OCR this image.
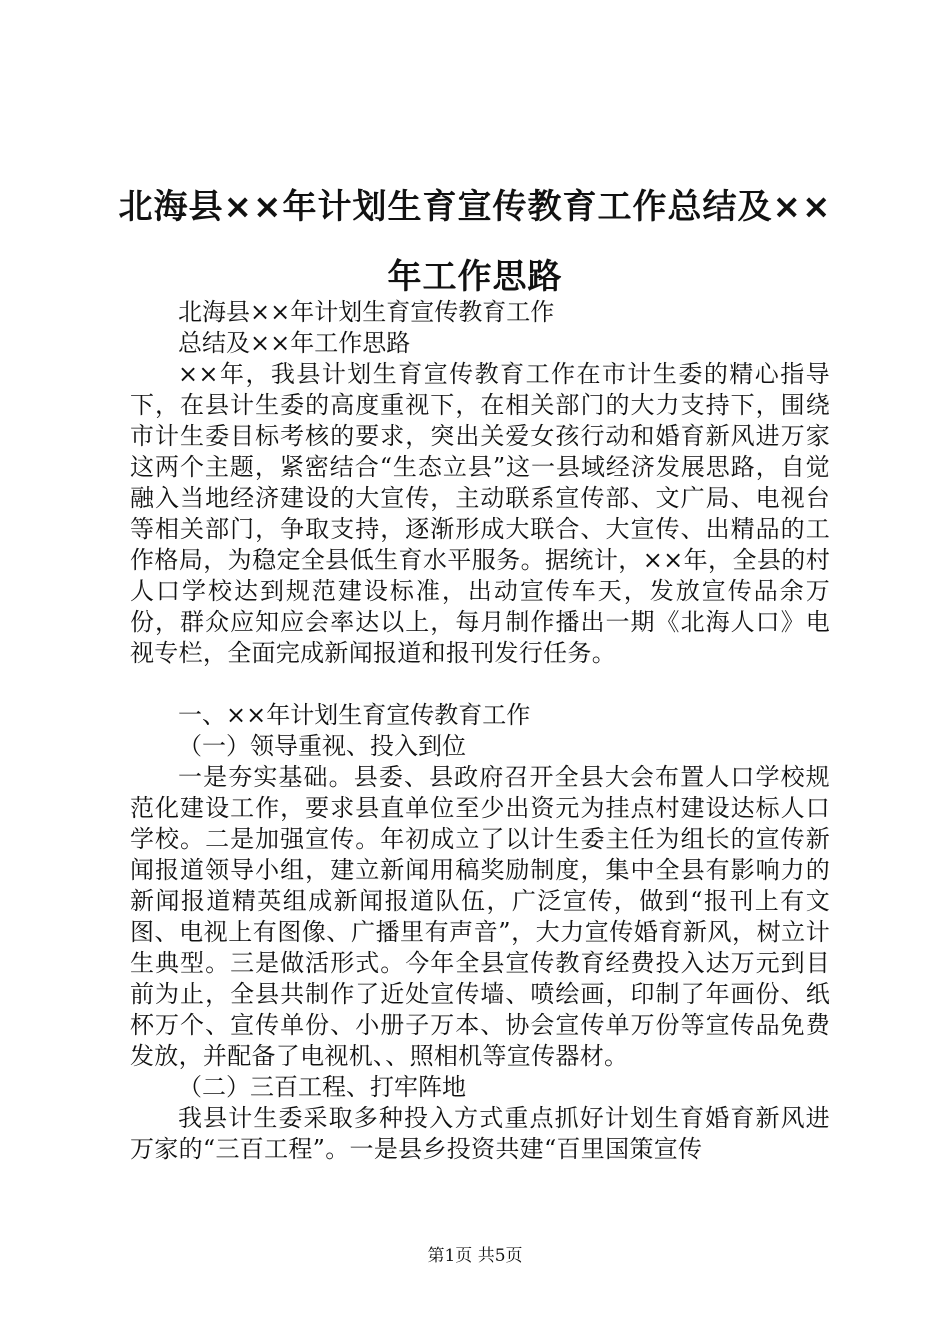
北海县××年计划生育宣传教育工作总结及××年工作思路

北海县××年计划生育宣传教育工作

总结及××年工作思路

××年，我县计划生育宣传教育工作在市计生委的精心指导下，在县计生委的高度重视下，在相关部门的大力支持下，围绕市计生委目标考核的要求，突出关爱女孩行动和婚育新风进万家这两个主题，紧密结合“生态立县”这一县域经济发展思路，自觉融入当地经济建设的大宣传，主动联系宣传部、文广局、电视台等相关部门，争取支持，逐渐形成大联合、大宣传、出精品的工作格局，为稳定全县低生育水平服务。据统计，××年，全县的村人口学校达到规范建设标准，出动宣传车天，发放宣传品余万份，群众应知应会率达以上，每月制作播出一期《北海人口》电视专栏，全面完成新闻报道和报刊发行任务。

一、××年计划生育宣传教育工作

（一）领导重视、投入到位

一是夯实基础。县委、县政府召开全县大会布置人口学校规范化建设工作，要求县直单位至少出资元为挂点村建设达标人口学校。二是加强宣传。年初成立了以计生委主任为组长的宣传新闻报道领导小组，建立新闻用稿奖励制度，集中全县有影响力的新闻报道精英组成新闻报道队伍，广泛宣传，做到“报刊上有文图、电视上有图像、广播里有声音”，大力宣传婚育新风，树立计生典型。三是做活形式。今年全县宣传教育经费投入达万元到目前为止，全县共制作了近处宣传墙、喷绘画，印制了年画份、纸杯万个、宣传单份、小册子万本、协会宣传单万份等宣传品免费发放，并配备了电视机、、照相机等宣传器材。

（二）三百工程、打牢阵地

我县计生委采取多种投入方式重点抓好计划生育婚育新风进万家的“三百工程”。一是县乡投资共建“百里国策宣传

第1页 共5页
